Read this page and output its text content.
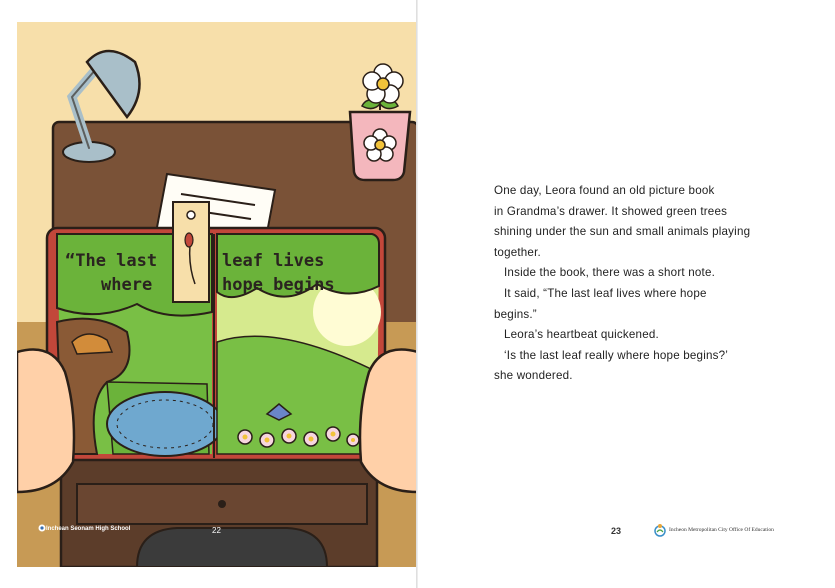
“The last
where
leaf lives
hope begins

One day, Leora found an old picture book
in Grandma’s drawer. It showed green trees
shining under the sun and small animals playing
together.

Inside the book, there was a short note.

It said, “The last leaf lives where hope
begins.”

Leora’s heartbeat quickened.

‘Is the last leaf really where hope begins?’
she wondered.

Inchean Seonam High School	22	23	Incheon Metropolitan City Office Of Education
